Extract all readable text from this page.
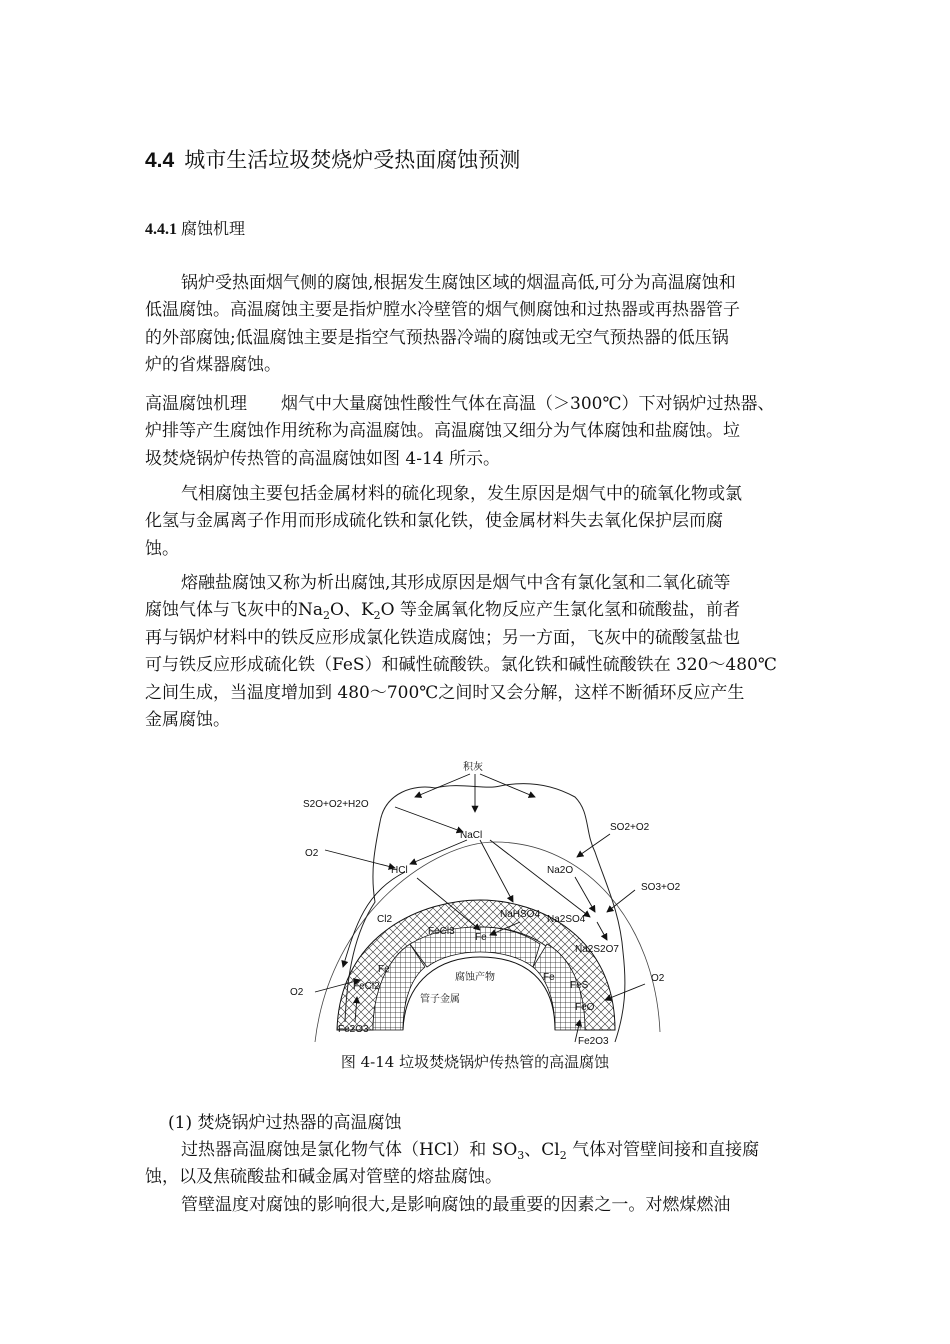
4.4 城市生活垃圾焚烧炉受热面腐蚀预测
4.4.1 腐蚀机理
锅炉受热面烟气侧的腐蚀,根据发生腐蚀区域的烟温高低,可分为高温腐蚀和
低温腐蚀。高温腐蚀主要是指炉膛水冷壁管的烟气侧腐蚀和过热器或再热器管子
的外部腐蚀;低温腐蚀主要是指空气预热器冷端的腐蚀或无空气预热器的低压锅
炉的省煤器腐蚀。
高温腐蚀机理　　烟气中大量腐蚀性酸性气体在高温（＞300℃）下对锅炉过热器、
炉排等产生腐蚀作用统称为高温腐蚀。高温腐蚀又细分为气体腐蚀和盐腐蚀。垃
圾焚烧锅炉传热管的高温腐蚀如图 4-14 所示。
气相腐蚀主要包括金属材料的硫化现象，发生原因是烟气中的硫氧化物或氯
化氢与金属离子作用而形成硫化铁和氯化铁，使金属材料失去氧化保护层而腐
蚀。
熔融盐腐蚀又称为析出腐蚀,其形成原因是烟气中含有氯化氢和二氧化硫等
腐蚀气体与飞灰中的$Na_2O$、$K_2O$ 等金属氧化物反应产生氯化氢和硫酸盐，前者
再与锅炉材料中的铁反应形成氯化铁造成腐蚀；另一方面，飞灰中的硫酸氢盐也
可与铁反应形成硫化铁（FeS）和碱性硫酸铁。氯化铁和碱性硫酸铁在 320～480℃
之间生成，当温度增加到 480～700℃之间时又会分解，这样不断循环反应产生
金属腐蚀。
积灰
S2O+O2+H2O
NaCl
SO2+O2
O2
HCl	Na2O
SO3+O2
Cl2	NaHSO4 Na2SO4
FeCl3
Fe
Na2S2O7
Fe
腐蚀产物	Fe
FeS
O2
O2
FeCl2
管子金属
FeO
Fe2O3
Fe2O3
图 4-14 垃圾焚烧锅炉传热管的高温腐蚀
(1) 焚烧锅炉过热器的高温腐蚀
过热器高温腐蚀是氯化物气体（HCl）和 $SO_3$、$Cl_2$ 气体对管壁间接和直接腐
蚀，以及焦硫酸盐和碱金属对管壁的熔盐腐蚀。
管壁温度对腐蚀的影响很大,是影响腐蚀的最重要的因素之一。对燃煤燃油
